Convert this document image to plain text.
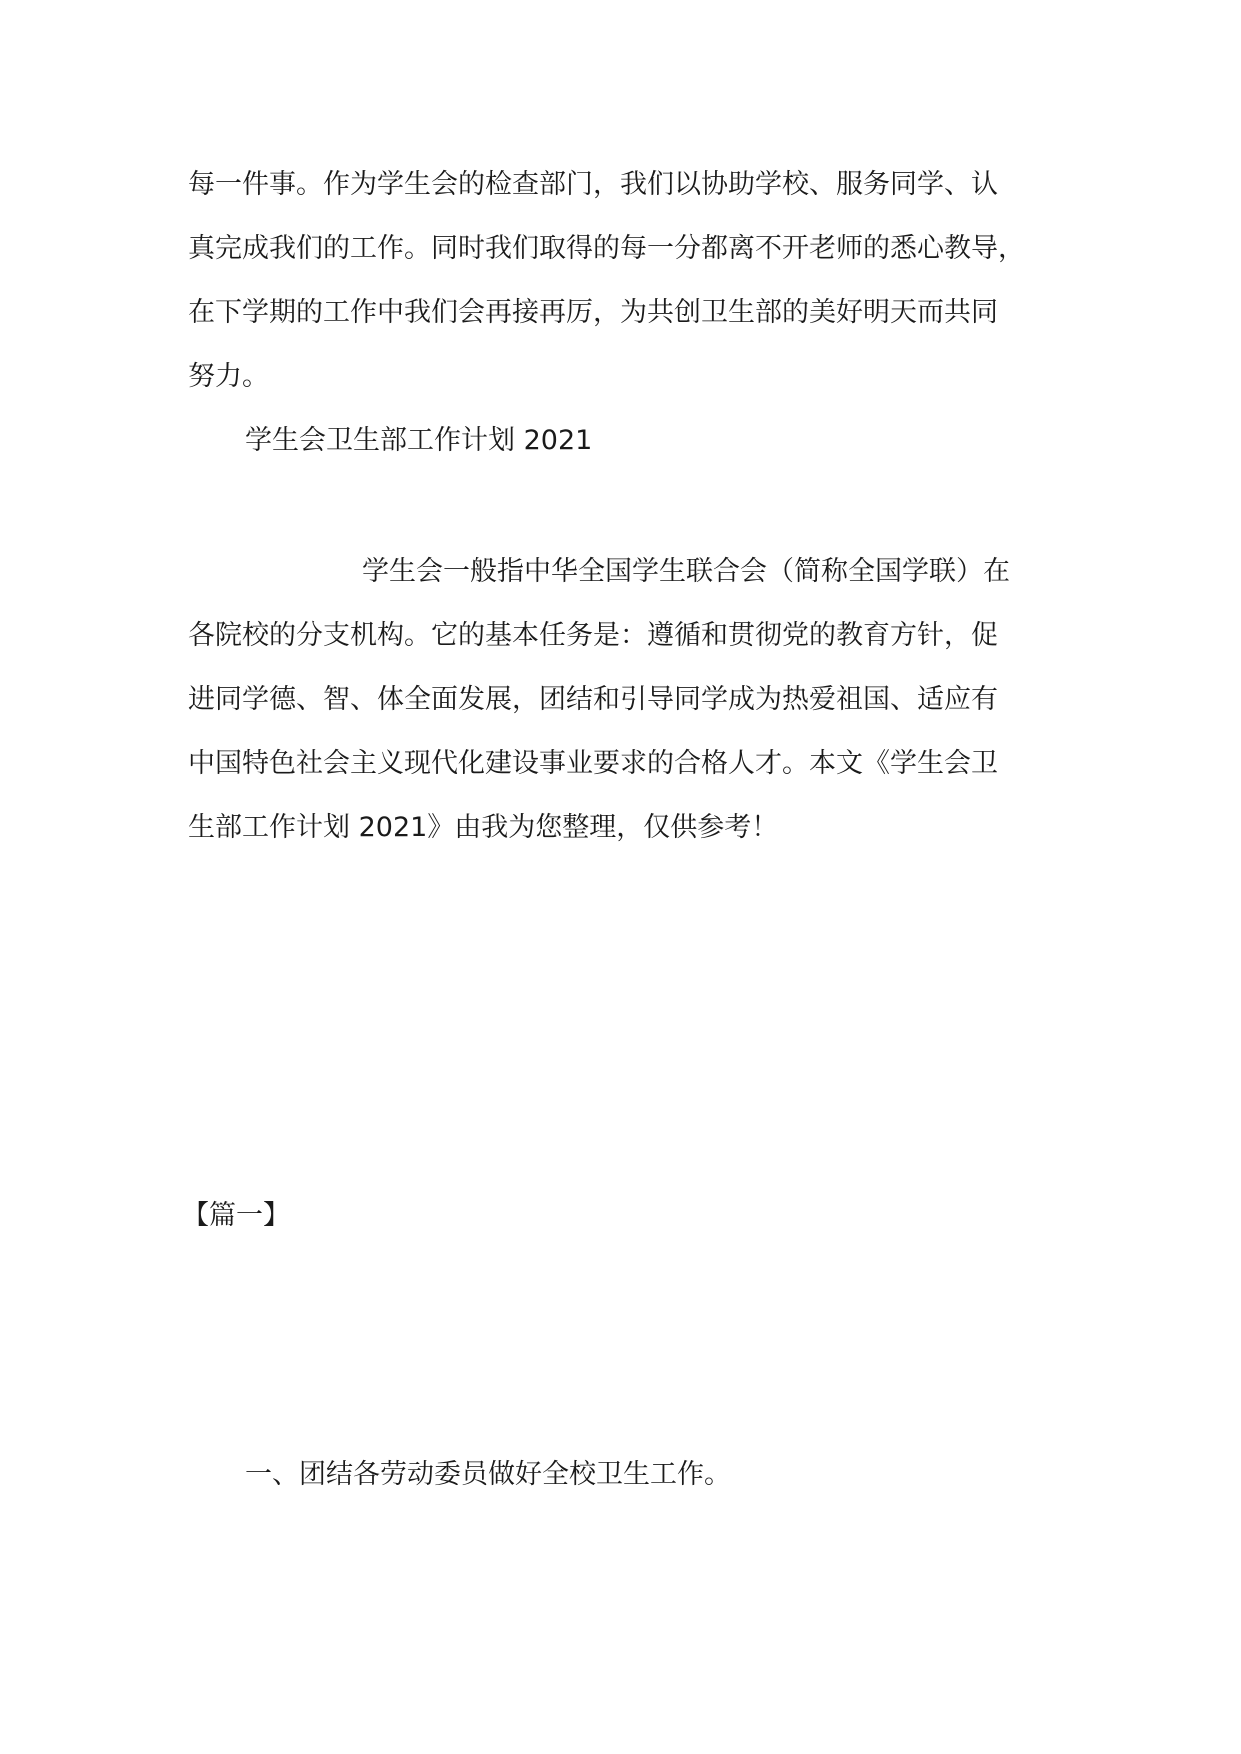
每一件事。作为学生会的检查部门，我们以协助学校、服务同学、认
真完成我们的工作。同时我们取得的每一分都离不开老师的悉心教导，
在下学期的工作中我们会再接再厉，为共创卫生部的美好明天而共同
努力。
学生会卫生部工作计划 2021
学生会一般指中华全国学生联合会（简称全国学联）在
各院校的分支机构。它的基本任务是：遵循和贯彻党的教育方针，促
进同学德、智、体全面发展，团结和引导同学成为热爱祖国、适应有
中国特色社会主义现代化建设事业要求的合格人才。本文《学生会卫
生部工作计划 2021》由我为您整理，仅供参考！
【篇一】
一、团结各劳动委员做好全校卫生工作。
